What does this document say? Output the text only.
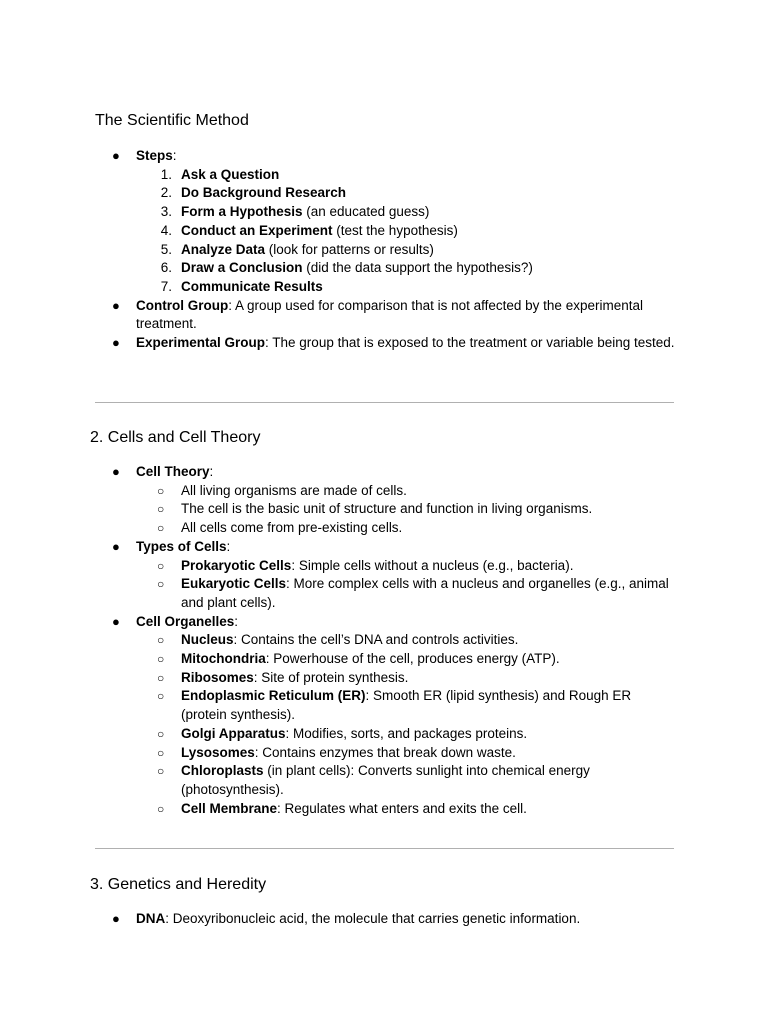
The Scientific Method
● Steps:
1. Ask a Question
2. Do Background Research
3. Form a Hypothesis (an educated guess)
4. Conduct an Experiment (test the hypothesis)
5. Analyze Data (look for patterns or results)
6. Draw a Conclusion (did the data support the hypothesis?)
7. Communicate Results
● Control Group: A group used for comparison that is not affected by the experimental treatment.
● Experimental Group: The group that is exposed to the treatment or variable being tested.
2. Cells and Cell Theory
● Cell Theory:
○ All living organisms are made of cells.
○ The cell is the basic unit of structure and function in living organisms.
○ All cells come from pre-existing cells.
● Types of Cells:
○ Prokaryotic Cells: Simple cells without a nucleus (e.g., bacteria).
○ Eukaryotic Cells: More complex cells with a nucleus and organelles (e.g., animal and plant cells).
● Cell Organelles:
○ Nucleus: Contains the cell’s DNA and controls activities.
○ Mitochondria: Powerhouse of the cell, produces energy (ATP).
○ Ribosomes: Site of protein synthesis.
○ Endoplasmic Reticulum (ER): Smooth ER (lipid synthesis) and Rough ER (protein synthesis).
○ Golgi Apparatus: Modifies, sorts, and packages proteins.
○ Lysosomes: Contains enzymes that break down waste.
○ Chloroplasts (in plant cells): Converts sunlight into chemical energy (photosynthesis).
○ Cell Membrane: Regulates what enters and exits the cell.
3. Genetics and Heredity
● DNA: Deoxyribonucleic acid, the molecule that carries genetic information.
